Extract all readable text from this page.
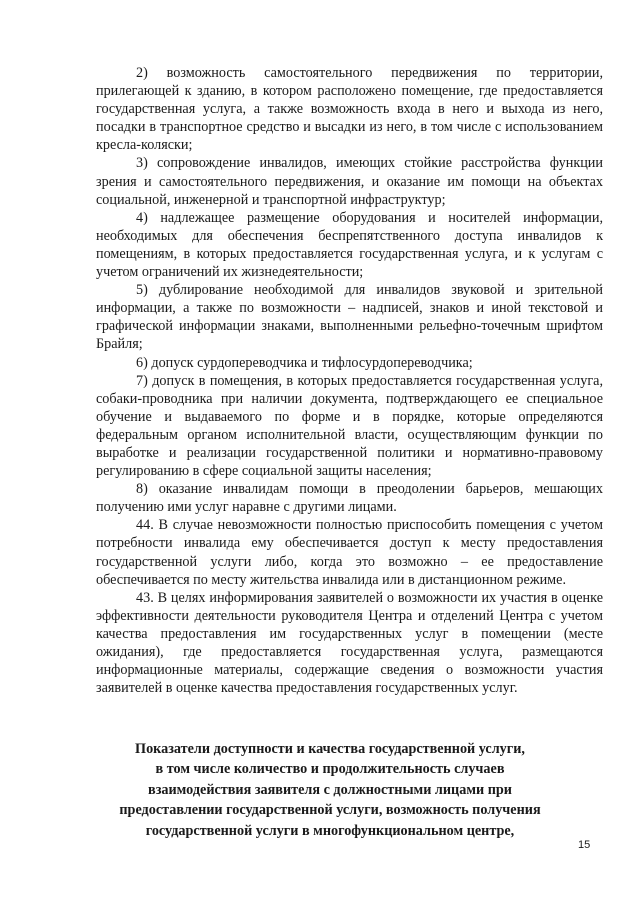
2) возможность самостоятельного передвижения по территории, прилегающей к зданию, в котором расположено помещение, где предоставляется государственная услуга, а также возможность входа в него и выхода из него, посадки в транспортное средство и высадки из него, в том числе с использованием кресла-коляски;

3) сопровождение инвалидов, имеющих стойкие расстройства функции зрения и самостоятельного передвижения, и оказание им помощи на объектах социальной, инженерной и транспортной инфраструктур;

4) надлежащее размещение оборудования и носителей информации, необходимых для обеспечения беспрепятственного доступа инвалидов к помещениям, в которых предоставляется государственная услуга, и к услугам с учетом ограничений их жизнедеятельности;

5) дублирование необходимой для инвалидов звуковой и зрительной информации, а также по возможности – надписей, знаков и иной текстовой и графической информации знаками, выполненными рельефно-точечным шрифтом Брайля;

6) допуск сурдопереводчика и тифлосурдопереводчика;

7) допуск в помещения, в которых предоставляется государственная услуга, собаки-проводника при наличии документа, подтверждающего ее специальное обучение и выдаваемого по форме и в порядке, которые определяются федеральным органом исполнительной власти, осуществляющим функции по выработке и реализации государственной политики и нормативно-правовому регулированию в сфере социальной защиты населения;

8) оказание инвалидам помощи в преодолении барьеров, мешающих получению ими услуг наравне с другими лицами.

44. В случае невозможности полностью приспособить помещения с учетом потребности инвалида ему обеспечивается доступ к месту предоставления государственной услуги либо, когда это возможно – ее предоставление обеспечивается по месту жительства инвалида или в дистанционном режиме.

43. В целях информирования заявителей о возможности их участия в оценке эффективности деятельности руководителя Центра и отделений Центра с учетом качества предоставления им государственных услуг в помещении (месте ожидания), где предоставляется государственная услуга, размещаются информационные материалы, содержащие сведения о возможности участия заявителей в оценке качества предоставления государственных услуг.

Показатели доступности и качества государственной услуги,
в том числе количество и продолжительность случаев
взаимодействия заявителя с должностными лицами при
предоставлении государственной услуги, возможность получения
государственной услуги в многофункциональном центре,
15
